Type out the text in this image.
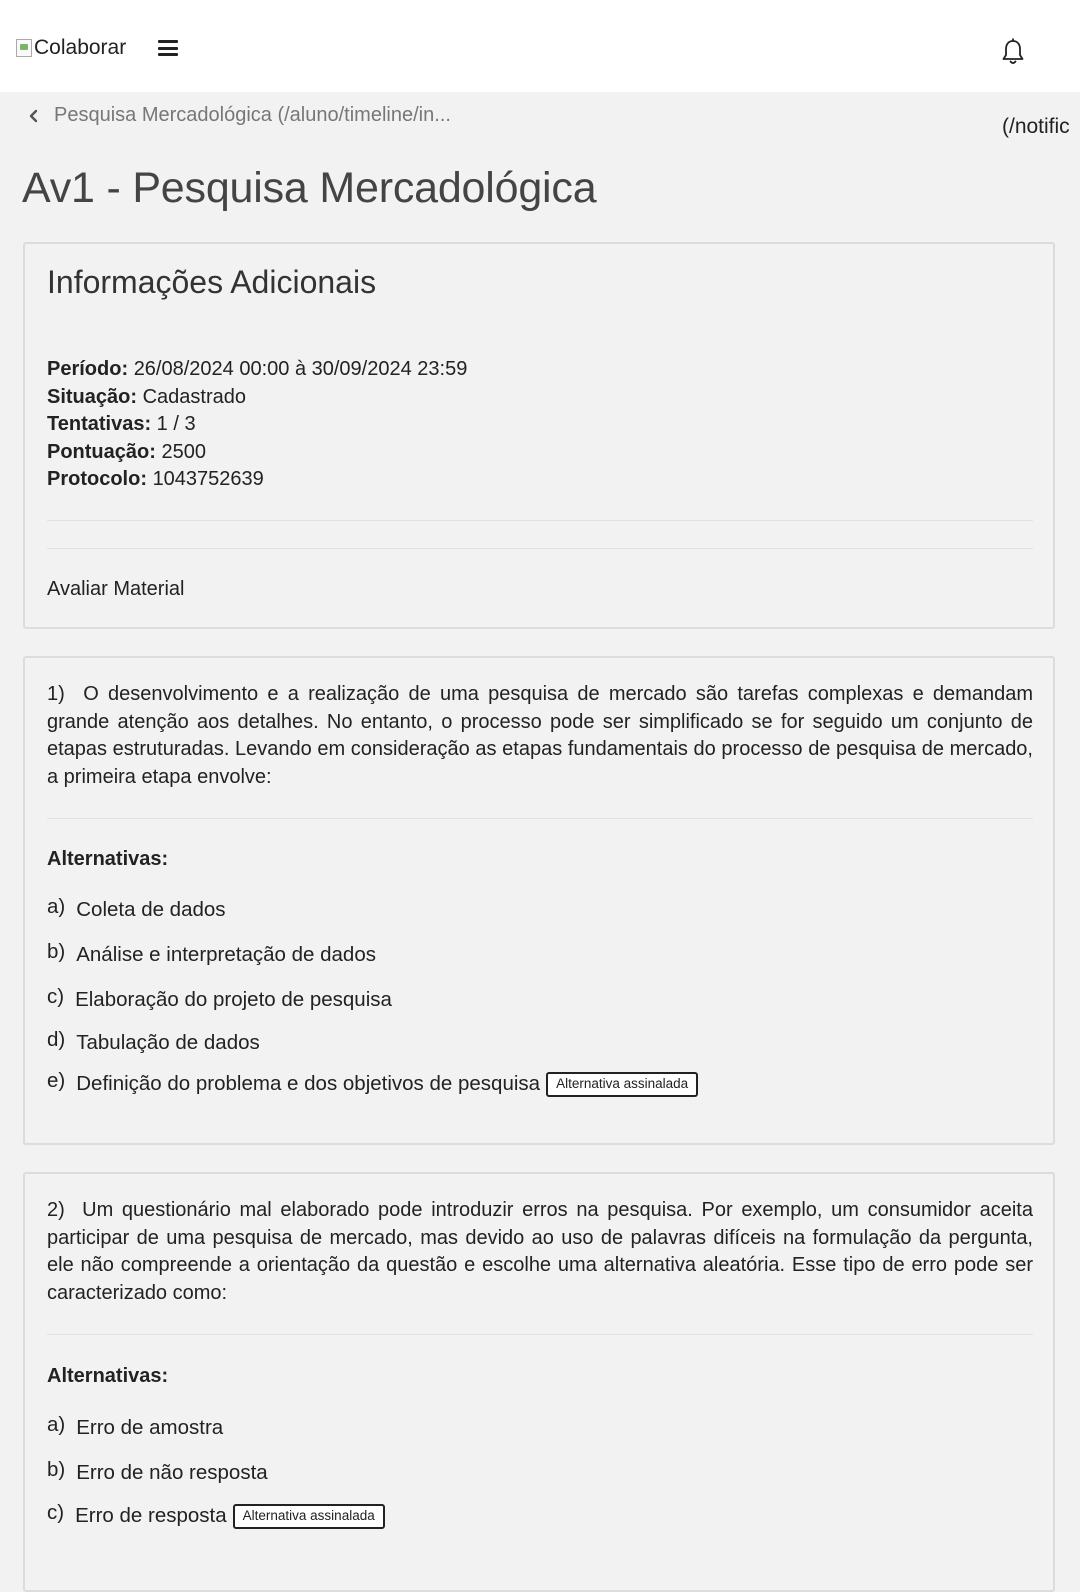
Colaborar
Pesquisa Mercadológica (/aluno/timeline/in...	(/notific
Av1 - Pesquisa Mercadológica
Informações Adicionais
Período: 26/08/2024 00:00 à 30/09/2024 23:59
Situação: Cadastrado
Tentativas: 1 / 3
Pontuação: 2500
Protocolo: 1043752639
Avaliar Material
1) O desenvolvimento e a realização de uma pesquisa de mercado são tarefas complexas e demandam grande atenção aos detalhes. No entanto, o processo pode ser simplificado se for seguido um conjunto de etapas estruturadas. Levando em consideração as etapas fundamentais do processo de pesquisa de mercado, a primeira etapa envolve:
Alternativas:
a) Coleta de dados
b) Análise e interpretação de dados
c) Elaboração do projeto de pesquisa
d) Tabulação de dados
e) Definição do problema e dos objetivos de pesquisa	Alternativa assinalada
2) Um questionário mal elaborado pode introduzir erros na pesquisa. Por exemplo, um consumidor aceita participar de uma pesquisa de mercado, mas devido ao uso de palavras difíceis na formulação da pergunta, ele não compreende a orientação da questão e escolhe uma alternativa aleatória. Esse tipo de erro pode ser caracterizado como:
Alternativas:
a) Erro de amostra
b) Erro de não resposta
c) Erro de resposta	Alternativa assinalada
